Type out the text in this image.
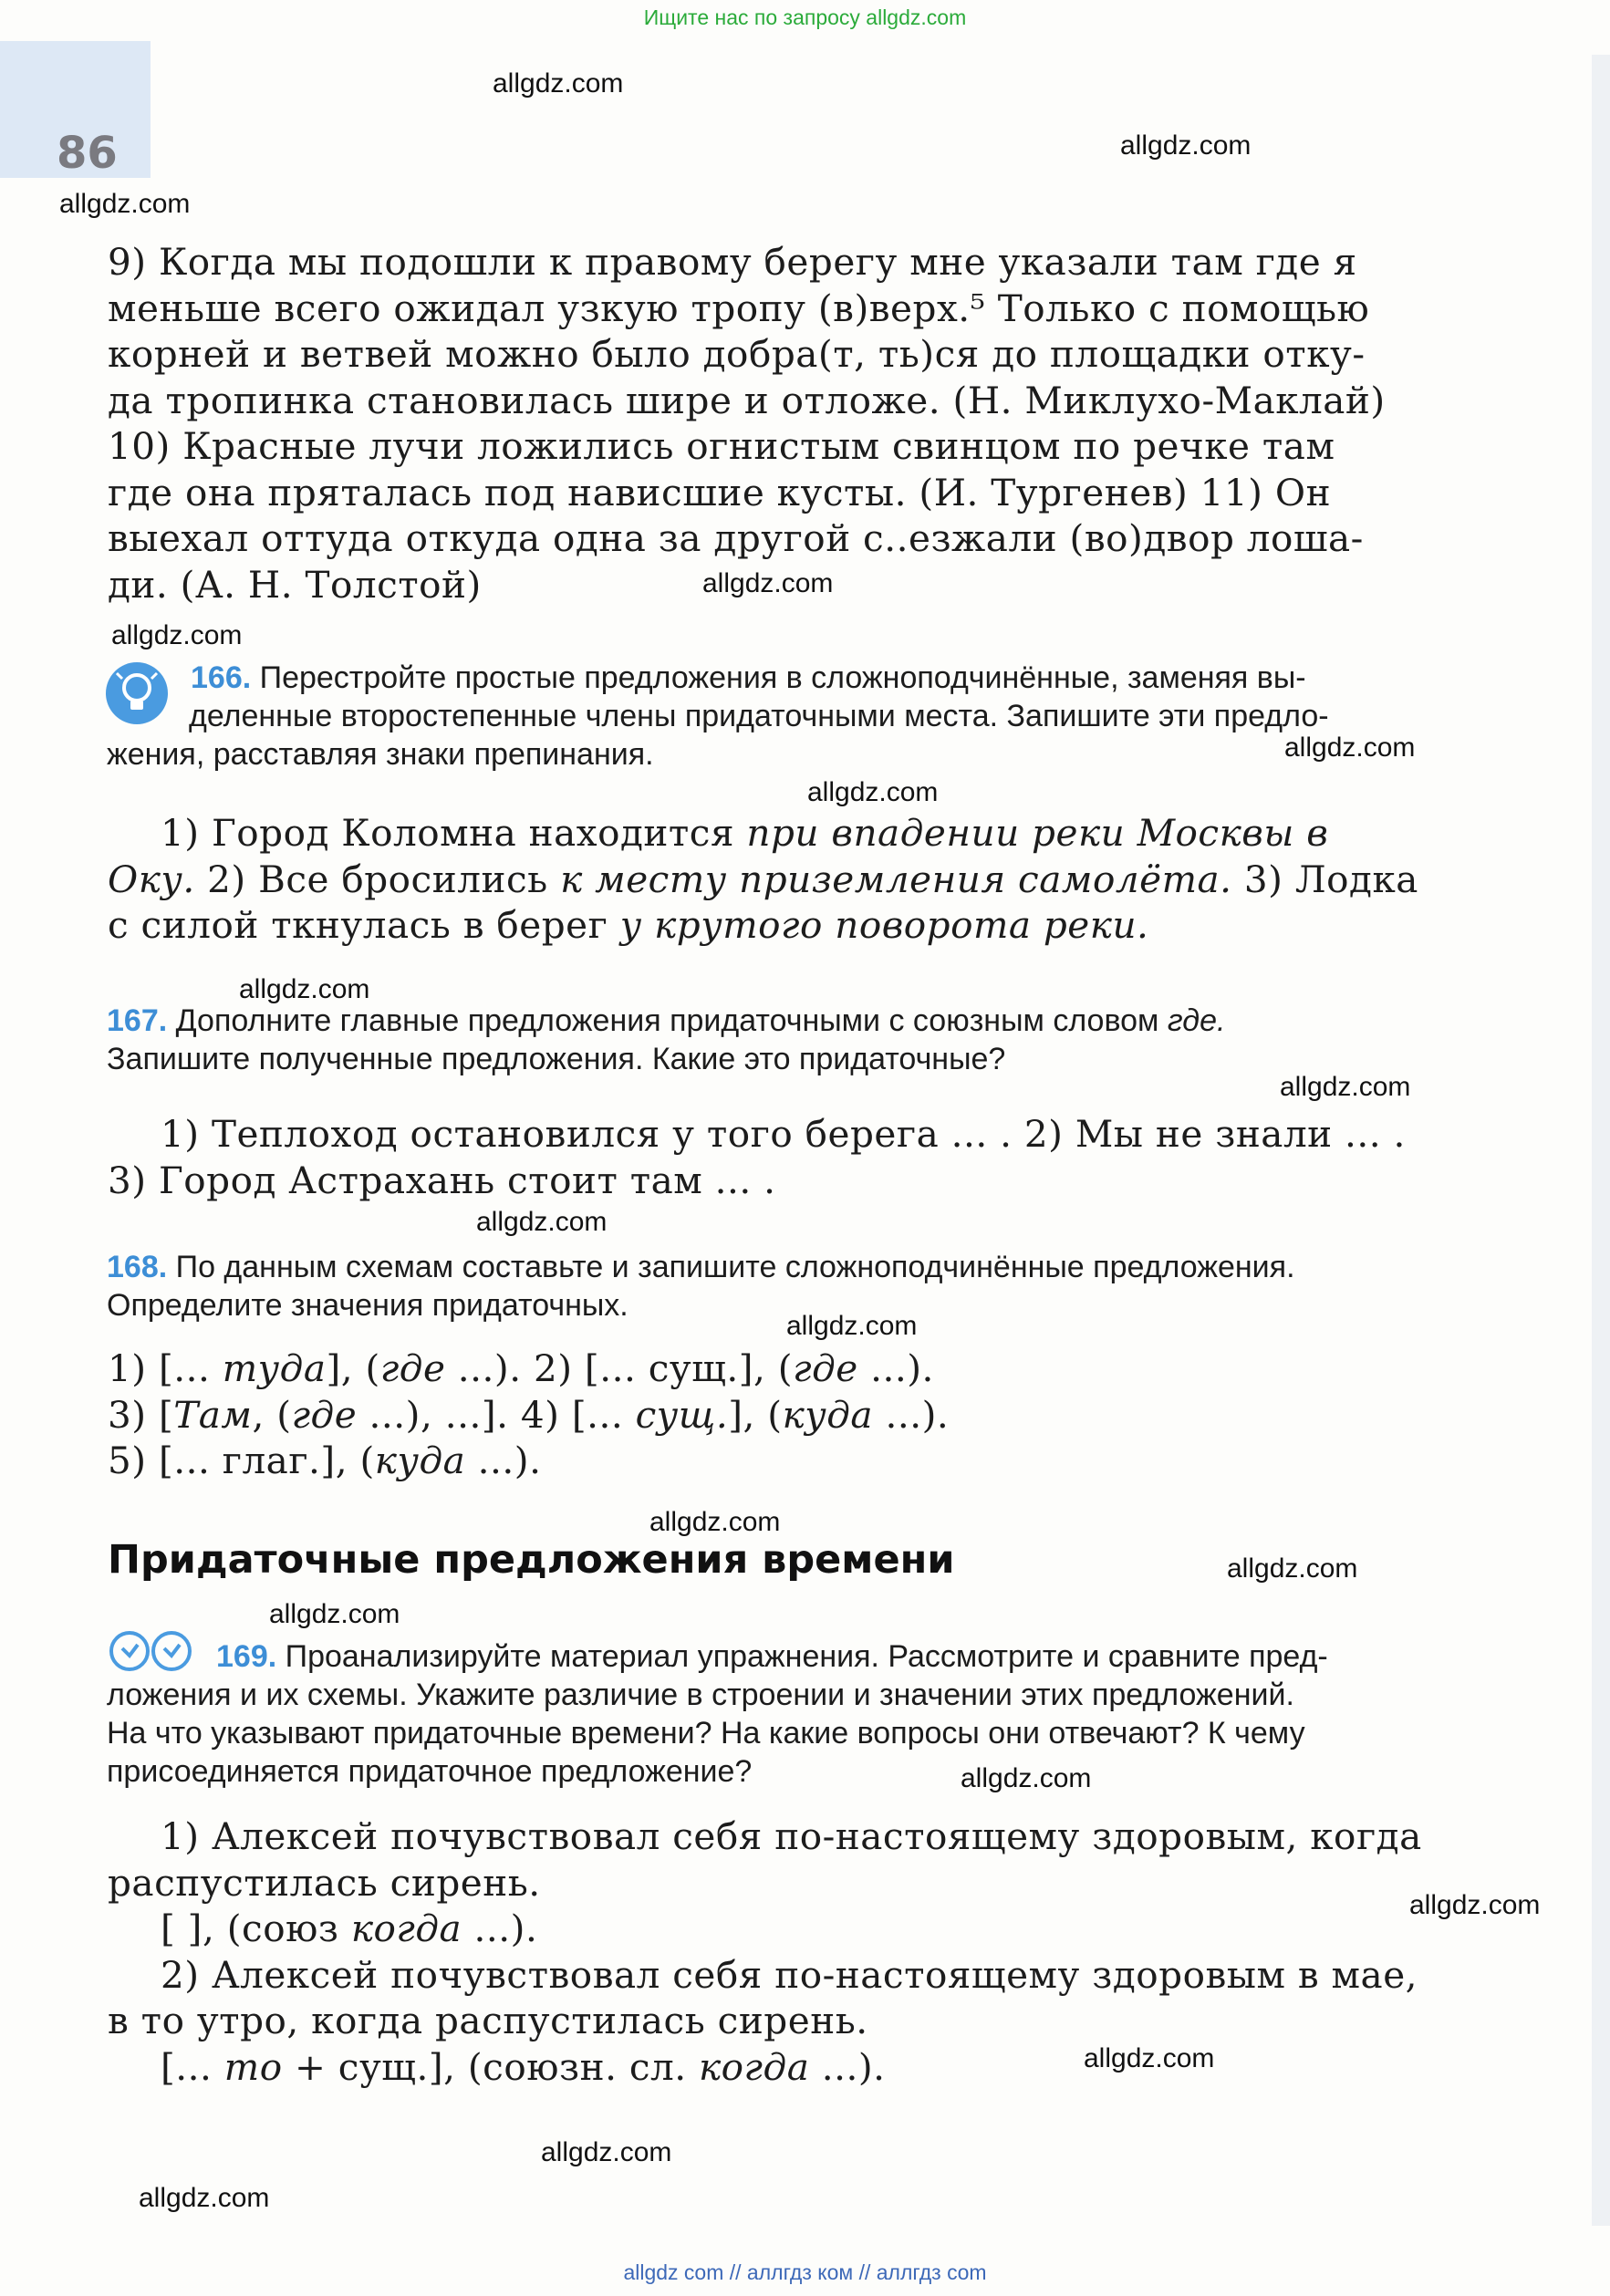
Ищите нас по запросу allgdz.com
86
allgdz.com
allgdz.com
allgdz.com
allgdz.com
allgdz.com
allgdz.com
allgdz.com
allgdz.com
allgdz.com
allgdz.com
allgdz.com
allgdz.com
allgdz.com
allgdz.com
allgdz.com
allgdz.com
allgdz.com
allgdz.com
allgdz.com
9) Когда мы подошли к правому берегу мне указали там где я
меньше всего ожидал узкую тропу (в)верх.⁵ Только с помощью
корней и ветвей можно было добра(т, ть)ся до площадки отку-
да тропинка становилась шире и отложе. (Н. Миклухо-Маклай)
10) Красные лучи ложились огнистым свинцом по речке там
где она пряталась под нависшие кусты. (И. Тургенев) 11) Он
выехал оттуда откуда одна за другой с..езжали (во)двор лоша-
ди. (А. Н. Толстой)
166. Перестройте простые предложения в сложноподчинённые, заменяя вы-
деленные второстепенные члены придаточными места. Запишите эти предло-
жения, расставляя знаки препинания.
1) Город Коломна находится при впадении реки Москвы в
Оку. 2) Все бросились к месту приземления самолёта. 3) Лодка
с силой ткнулась в берег у крутого поворота реки.
167. Дополните главные предложения придаточными с союзным словом где.
Запишите полученные предложения. Какие это придаточные?
1) Теплоход остановился у того берега ... . 2) Мы не знали ... .
3) Город Астрахань стоит там ... .
168. По данным схемам составьте и запишите сложноподчинённые предложения.
Определите значения придаточных.
1) [... туда], (где ...). 2) [... сущ.], (где ...).
3) [Там, (где ...), ...]. 4) [... сущ.], (куда ...).
5) [... глаг.], (куда ...).
Придаточные предложения времени
169. Проанализируйте материал упражнения. Рассмотрите и сравните пред-
ложения и их схемы. Укажите различие в строении и значении этих предложений.
На что указывают придаточные времени? На какие вопросы они отвечают? К чему
присоединяется придаточное предложение?
1) Алексей почувствовал себя по-настоящему здоровым, когда
распустилась сирень.
[ ], (союз когда ...).
2) Алексей почувствовал себя по-настоящему здоровым в мае,
в то утро, когда распустилась сирень.
[... то + сущ.], (союзн. сл. когда ...).
allgdz com // аллгдз ком // аллгдз com
